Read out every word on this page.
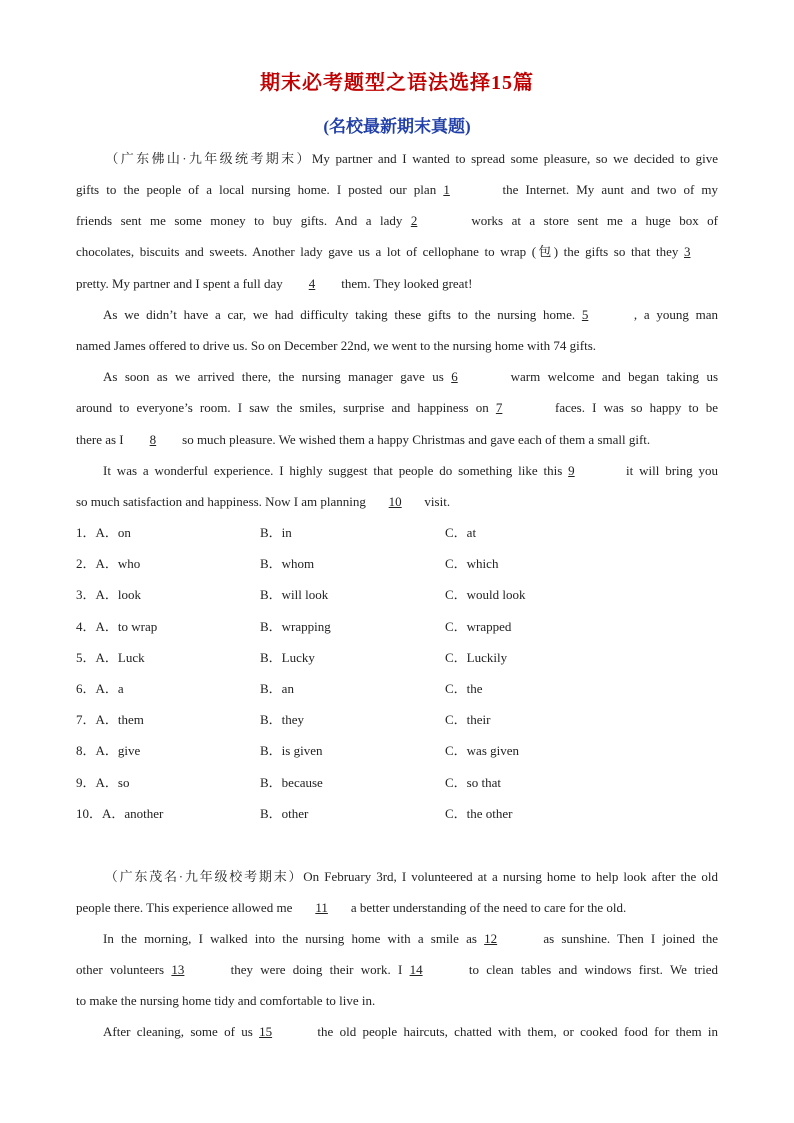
期末必考题型之语法选择15篇
(名校最新期末真题)
（广东佛山·九年级统考期末）My partner and I wanted to spread some pleasure, so we decided to give
gifts to the people of a local nursing home. I posted our plan 1	the Internet. My aunt and two of my
friends sent me some money to buy gifts. And a lady 2	works at a store sent me a huge box of
chocolates, biscuits and sweets. Another lady gave us a lot of cellophane to wrap (包) the gifts so that they 3
pretty. My partner and I spent a full day 4 them. They looked great!
As we didn’t have a car, we had difficulty taking these gifts to the nursing home. 5	, a young man
named James offered to drive us. So on December 22nd, we went to the nursing home with 74 gifts.
As soon as we arrived there, the nursing manager gave us 6	warm welcome and began taking us
around to everyone’s room. I saw the smiles, surprise and happiness on 7	faces. I was so happy to be
there as I 8 so much pleasure. We wished them a happy Christmas and gave each of them a small gift.
It was a wonderful experience. I highly suggest that people do something like this 9	it will bring you
so much satisfaction and happiness. Now I am planning 10 visit.
1．A．on	B．in	C．at
2．A．who	B．whom	C．which
3．A．look	B．will look	C．would look
4．A．to wrap	B．wrapping	C．wrapped
5．A．Luck	B．Lucky	C．Luckily
6．A．a	B．an	C．the
7．A．them	B．they	C．their
8．A．give	B．is given	C．was given
9．A．so	B．because	C．so that
10．A．another	B．other	C．the other
（广东茂名·九年级校考期末）On February 3rd, I volunteered at a nursing home to help look after the old
people there. This experience allowed me 11 a better understanding of the need to care for the old.
In the morning, I walked into the nursing home with a smile as 12	as sunshine. Then I joined the
other volunteers 13	they were doing their work. I 14	to clean tables and windows first. We tried
to make the nursing home tidy and comfortable to live in.
After cleaning, some of us 15	the old people haircuts, chatted with them, or cooked food for them in
